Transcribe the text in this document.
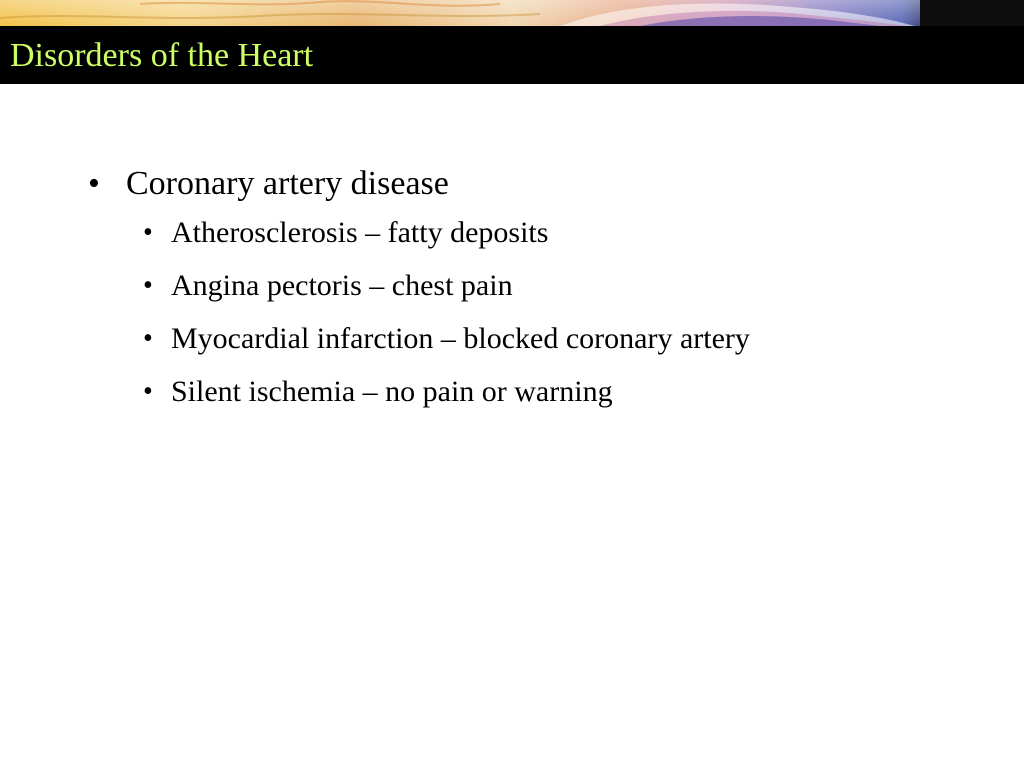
Disorders of the Heart
• Coronary artery disease
• Atherosclerosis – fatty deposits
• Angina pectoris – chest pain
• Myocardial infarction – blocked coronary artery
• Silent ischemia – no pain or warning
